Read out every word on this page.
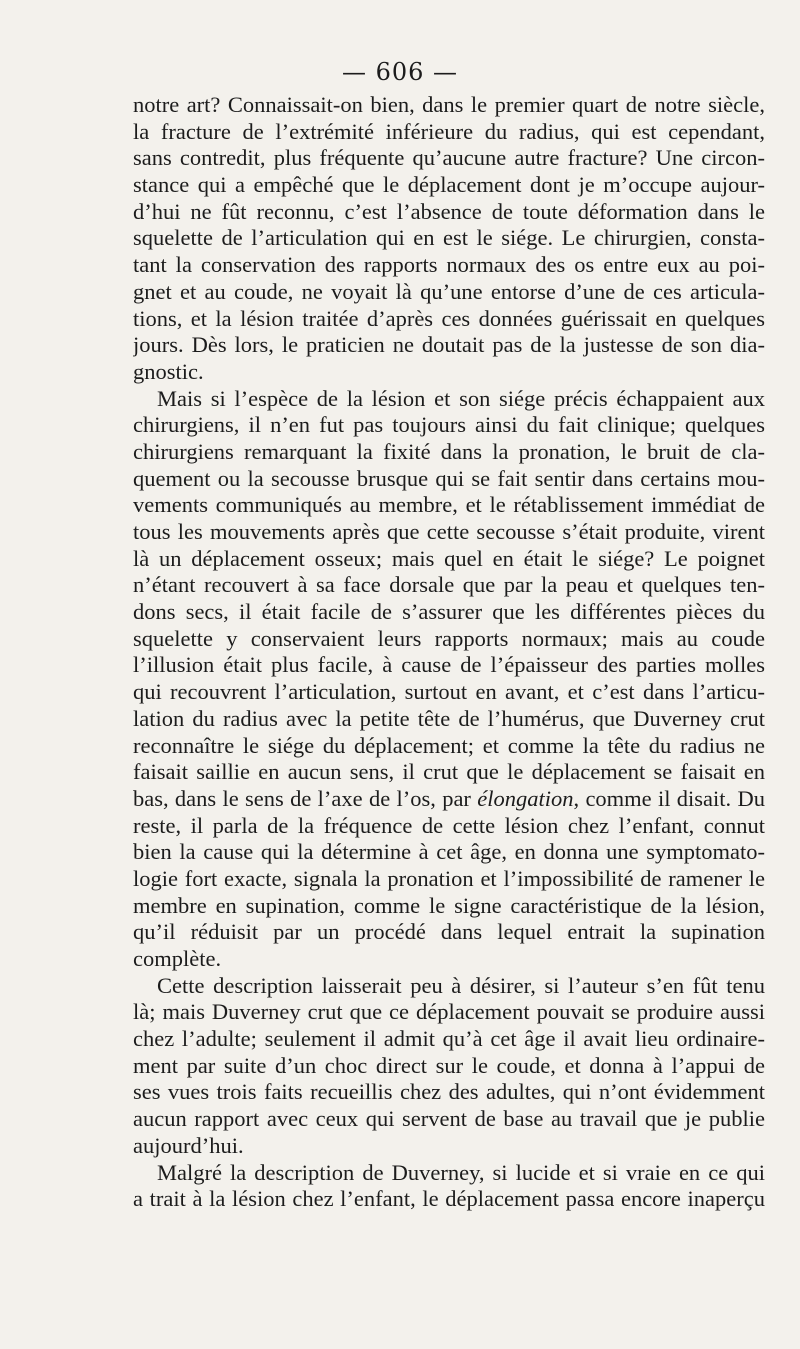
— 606 —
notre art? Connaissait-on bien, dans le premier quart de notre siècle,
la fracture de l’extrémité inférieure du radius, qui est cependant,
sans contredit, plus fréquente qu’aucune autre fracture? Une circon-
stance qui a empêché que le déplacement dont je m’occupe aujour-
d’hui ne fût reconnu, c’est l’absence de toute déformation dans le
squelette de l’articulation qui en est le siége. Le chirurgien, consta-
tant la conservation des rapports normaux des os entre eux au poi-
gnet et au coude, ne voyait là qu’une entorse d’une de ces articula-
tions, et la lésion traitée d’après ces données guérissait en quelques
jours. Dès lors, le praticien ne doutait pas de la justesse de son dia-
gnostic.
Mais si l’espèce de la lésion et son siége précis échappaient aux
chirurgiens, il n’en fut pas toujours ainsi du fait clinique; quelques
chirurgiens remarquant la fixité dans la pronation, le bruit de cla-
quement ou la secousse brusque qui se fait sentir dans certains mou-
vements communiqués au membre, et le rétablissement immédiat de
tous les mouvements après que cette secousse s’était produite, virent
là un déplacement osseux; mais quel en était le siége? Le poignet
n’étant recouvert à sa face dorsale que par la peau et quelques ten-
dons secs, il était facile de s’assurer que les différentes pièces du
squelette y conservaient leurs rapports normaux; mais au coude
l’illusion était plus facile, à cause de l’épaisseur des parties molles
qui recouvrent l’articulation, surtout en avant, et c’est dans l’articu-
lation du radius avec la petite tête de l’humérus, que Duverney crut
reconnaître le siége du déplacement; et comme la tête du radius ne
faisait saillie en aucun sens, il crut que le déplacement se faisait en
bas, dans le sens de l’axe de l’os, par élongation, comme il disait. Du
reste, il parla de la fréquence de cette lésion chez l’enfant, connut
bien la cause qui la détermine à cet âge, en donna une symptomato-
logie fort exacte, signala la pronation et l’impossibilité de ramener le
membre en supination, comme le signe caractéristique de la lésion,
qu’il réduisit par un procédé dans lequel entrait la supination
complète.
Cette description laisserait peu à désirer, si l’auteur s’en fût tenu
là; mais Duverney crut que ce déplacement pouvait se produire aussi
chez l’adulte; seulement il admit qu’à cet âge il avait lieu ordinaire-
ment par suite d’un choc direct sur le coude, et donna à l’appui de
ses vues trois faits recueillis chez des adultes, qui n’ont évidemment
aucun rapport avec ceux qui servent de base au travail que je publie
aujourd’hui.
Malgré la description de Duverney, si lucide et si vraie en ce qui
a trait à la lésion chez l’enfant, le déplacement passa encore inaperçu
